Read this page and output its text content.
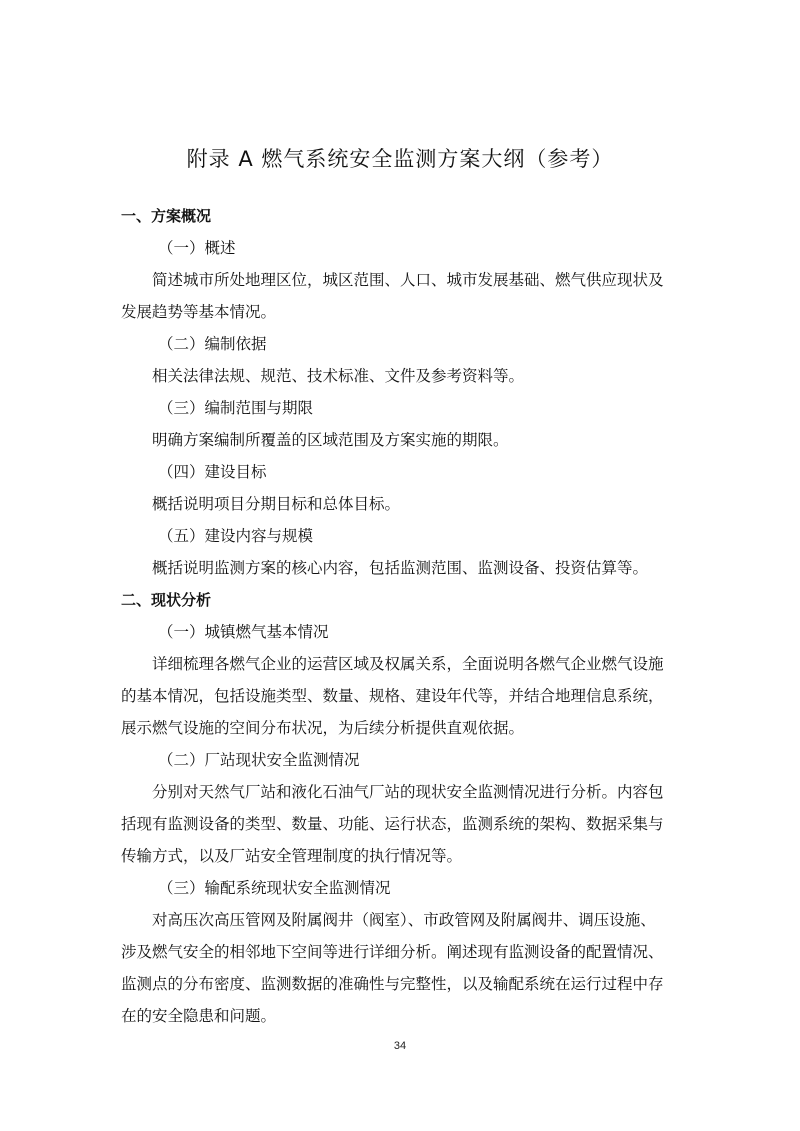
附录 A 燃气系统安全监测方案大纲（参考）
一、方案概况
（一）概述
简述城市所处地理区位，城区范围、人口、城市发展基础、燃气供应现状及
发展趋势等基本情况。
（二）编制依据
相关法律法规、规范、技术标准、文件及参考资料等。
（三）编制范围与期限
明确方案编制所覆盖的区域范围及方案实施的期限。
（四）建设目标
概括说明项目分期目标和总体目标。
（五）建设内容与规模
概括说明监测方案的核心内容，包括监测范围、监测设备、投资估算等。
二、现状分析
（一）城镇燃气基本情况
详细梳理各燃气企业的运营区域及权属关系，全面说明各燃气企业燃气设施
的基本情况，包括设施类型、数量、规格、建设年代等，并结合地理信息系统，
展示燃气设施的空间分布状况，为后续分析提供直观依据。
（二）厂站现状安全监测情况
分别对天然气厂站和液化石油气厂站的现状安全监测情况进行分析。内容包
括现有监测设备的类型、数量、功能、运行状态，监测系统的架构、数据采集与
传输方式，以及厂站安全管理制度的执行情况等。
（三）输配系统现状安全监测情况
对高压次高压管网及附属阀井（阀室）、市政管网及附属阀井、调压设施、
涉及燃气安全的相邻地下空间等进行详细分析。阐述现有监测设备的配置情况、
监测点的分布密度、监测数据的准确性与完整性，以及输配系统在运行过程中存
在的安全隐患和问题。
34
